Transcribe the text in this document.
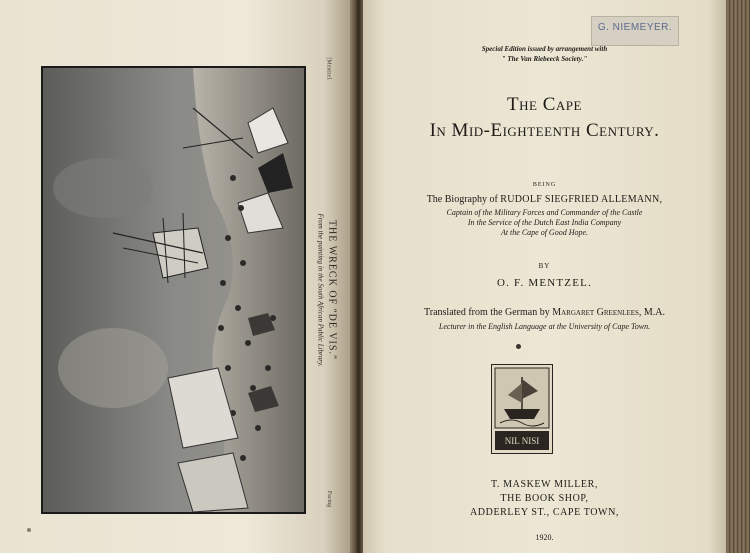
THE WRECK OF "DE VIS."
From the painting in the South African Public Library.
[Mentzel.
Facing
G. NIEMEYER.
Special Edition issued by arrangement with
" The Van Riebeeck Society."
The Cape
In Mid-Eighteenth Century.
BEING
The Biography of RUDOLF SIEGFRIED ALLEMANN,
Captain of the Military Forces and Commander of the Castle
In the Service of the Dutch East India Company
At the Cape of Good Hope.
BY
O. F. MENTZEL.
Translated from the German by Margaret Greenlees, M.A.
Lecturer in the English Language at the University of Cape Town.
NIL NISI
T. MASKEW MILLER,
THE BOOK SHOP,
ADDERLEY ST., CAPE TOWN,
1920.
